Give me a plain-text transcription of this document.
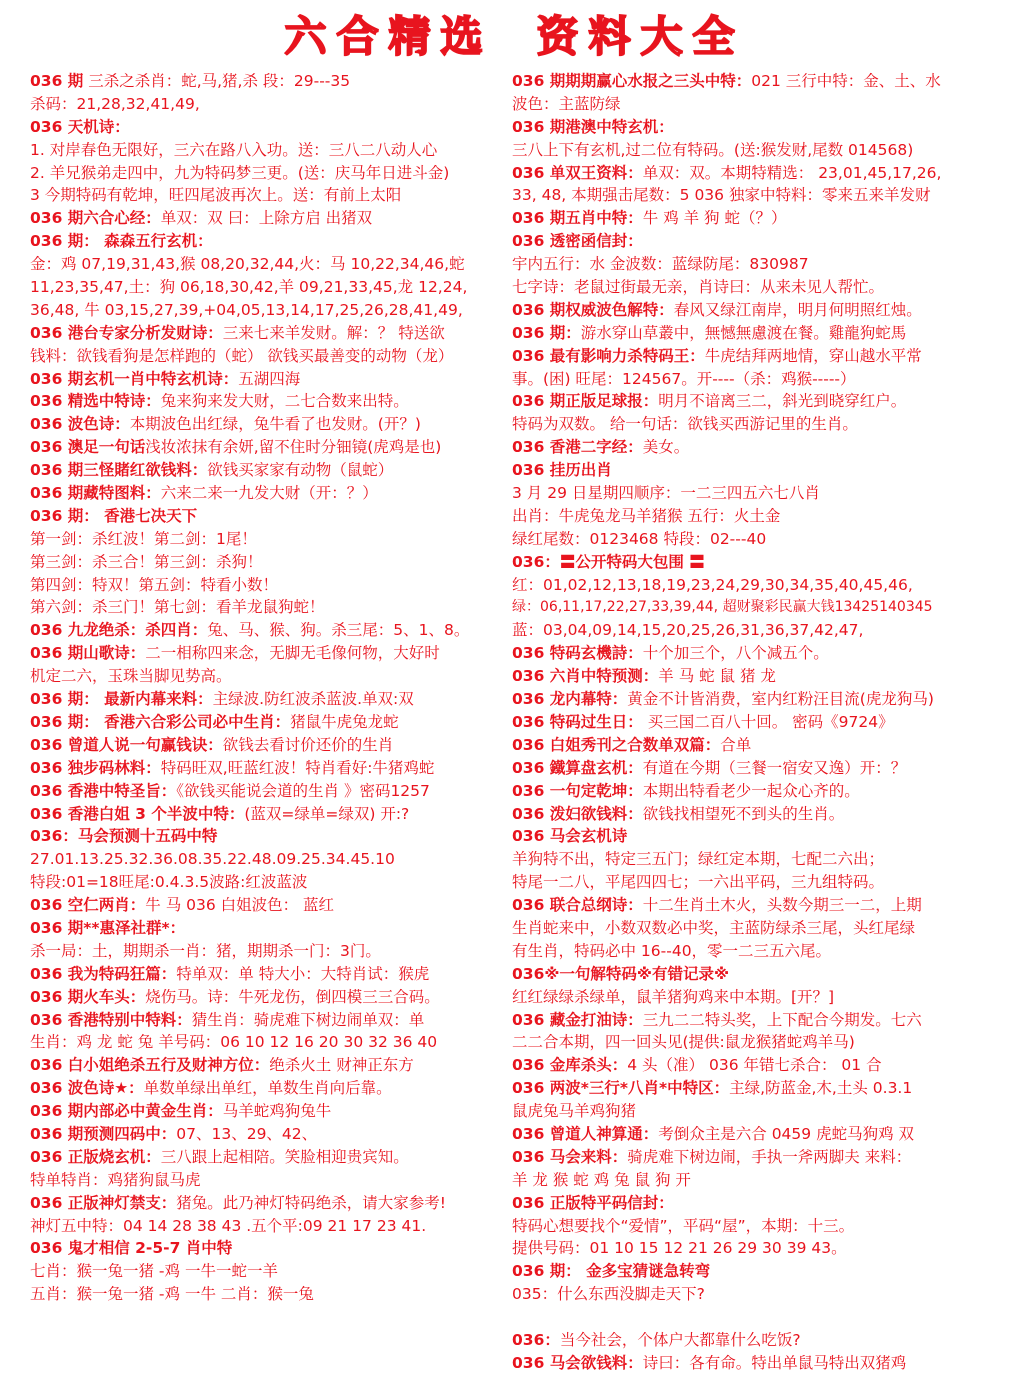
六 合 精 选 资 料 大 全
036 期 三杀之杀肖：蛇,马,猪,杀 段：29---35
杀码：21,28,32,41,49,
036 天机诗：
1. 对岸春色无限好，三六在路八入功。送：三八二八动人心
2. 羊兄猴弟走四中，九为特码梦三更。(送：庆马年日进斗金)
3 今期特码有乾坤，旺四尾波再次上。送：有前上太阳
036 期六合心经：单双：双 曰：上除方启 出猪双
036 期： 森森五行玄机：
金：鸡 07,19,31,43,猴 08,20,32,44,火：马 10,22,34,46,蛇
11,23,35,47,土：狗 06,18,30,42,羊 09,21,33,45,龙 12,24,
36,48, 牛 03,15,27,39,+04,05,13,14,17,25,26,28,41,49,
036 港台专家分析发财诗：三来七来羊发财。解：？ 特送欲
钱料：欲钱看狗是怎样跑的（蛇） 欲钱买最善变的动物（龙）
036 期玄机一肖中特玄机诗：五湖四海
036 精选中特诗：兔来狗来发大财，二七合数来出特。
036 波色诗：本期波色出红绿，兔牛看了也发财。(开？)
036 澳足一句话浅妆浓抹有余妍,留不住时分钿镜(虎鸡是也)
036 期三怪賭红欲钱料：欲钱买家家有动物（鼠蛇）
036 期藏特图料：六来二来一九发大财（开：？）
036 期： 香港七决天下
第一剑：杀红波！第二剑：1尾！
第三剑：杀三合！第三剑：杀狗！
第四剑：特双！第五剑：特看小数！
第六剑：杀三门！第七剑：看羊龙鼠狗蛇！
036 九龙绝杀：杀四肖：兔、马、猴、狗。杀三尾：5、1、8。
036 期山歌诗：二一相称四来念，无脚无毛像何物，大好时
机定二六，玉珠当脚见势高。
036 期： 最新内幕来料：主绿波.防红波杀蓝波.单双:双
036 期： 香港六合彩公司必中生肖：猪鼠牛虎兔龙蛇
036 曾道人说一句赢钱诀：欲钱去看讨价还价的生肖
036 独步码林料：特码旺双,旺蓝红波！特肖看好:牛猪鸡蛇
036 香港中特圣旨：《欲钱买能说会道的生肖 》密码1257
036 香港白姐 3 个半波中特：(蓝双=绿单=绿双) 开:?
036：马会预测十五码中特
27.01.13.25.32.36.08.35.22.48.09.25.34.45.10
特段:01=18旺尾:0.4.3.5波路:红波蓝波
036 空仁两肖：牛 马 036 白姐波色： 蓝红
036 期**惠泽社群*：
杀一局：土，期期杀一肖：猪，期期杀一门：3门。
036 我为特码狂篇：特单双：单 特大小：大特肖试：猴虎
036 期火车头：烧伤马。诗：牛死龙伤，倒四模三三合码。
036 香港特别中特料：猜生肖：骑虎难下树边闹单双：单
生肖：鸡 龙 蛇 兔 羊号码：06 10 12 16 20 30 32 36 40
036 白小姐绝杀五行及财神方位：绝杀火土 财神正东方
036 波色诗★：单数单绿出单红，单数生肖向后靠。
036 期内部必中黄金生肖：马羊蛇鸡狗兔牛
036 期预测四码中：07、13、29、42、
036 正版烧玄机：三八跟上起相陪。笑脸相迎贵宾知。
特单特肖：鸡猪狗鼠马虎
036 正版神灯禁支：猪兔。此乃神灯特码绝杀，请大家参考!
神灯五中特：04 14 28 38 43 .五个平:09 21 17 23 41.
036 鬼才相信 2-5-7 肖中特
七肖：猴一兔一猪 -鸡 一牛一蛇一羊
五肖：猴一兔一猪 -鸡 一牛 二肖：猴一兔
036 期期期赢心水报之三头中特：021 三行中特：金、土、水
波色：主蓝防绿
036 期港澳中特玄机：
三八上下有玄机,过二位有特码。(送:猴发财,尾数 014568)
036 单双王资料：单双：双。本期特精选： 23,01,45,17,26,
33, 48, 本期强击尾数：5 036 独家中特料：零来五来羊发财
036 期五肖中特：牛 鸡 羊 狗 蛇（？）
036 透密函信封：
宇内五行：水 金波数：蓝绿防尾：830987
七字诗：老鼠过街最无亲，肖诗曰：从来未见人帮忙。
036 期权威波色解特：春风又绿江南岸，明月何明照红烛。
036 期：游水穿山草叢中，無憾無慮渡在餐。雞龍狗蛇馬
036 最有影响力杀特码王：牛虎结拜两地情，穿山越水平常
事。(困) 旺尾：124567。开----（杀：鸡猴-----）
036 期正版足球报：明月不谙离三二，斜光到晓穿红户。
特码为双数。 给一句话：欲钱买西游记里的生肖。
036 香港二字经：美女。
036 挂历出肖
3 月 29 日星期四顺序：一二三四五六七八肖
出肖：牛虎兔龙马羊猪猴 五行：火土金
绿红尾数：0123468 特段：02---40
036：〓公开特码大包围 〓
红：01,02,12,13,18,19,23,24,29,30,34,35,40,45,46,
绿：06,11,17,22,27,33,39,44, 超财聚彩民赢大钱13425140345
蓝：03,04,09,14,15,20,25,26,31,36,37,42,47,
036 特码玄機詩：十个加三个，八个减五个。
036 六肖中特预测：羊 马 蛇 鼠 猪 龙
036 龙内幕特：黄金不计皆消费，室内红粉汪目流(虎龙狗马)
036 特码过生日： 买三国二百八十回。 密码《9724》
036 白姐秀刊之合数单双篇：合单
036 鐵算盘玄机：有道在今期（三餐一宿安又逸）开：？
036 一句定乾坤：本期出特看老少一起众心齐的。
036 泼妇欲钱料：欲钱找相望死不到头的生肖。
036 马会玄机诗
羊狗特不出，特定三五门；绿红定本期，七配二六出；
特尾一二八，平尾四四七；一六出平码，三九组特码。
036 联合总纲诗：十二生肖土木火，头数今期三一二，上期
生肖蛇来中，小数双数必中奖，主蓝防绿杀三尾，头红尾绿
有生肖，特码必中 16--40，零一二三五六尾。
036※一句解特码※有错记录※
红红绿绿杀绿单，鼠羊猪狗鸡来中本期。[开？]
036 藏金打油诗：三九二二特头奖，上下配合今期发。七六
二二合本期，四一回头见(提供:鼠龙猴猪蛇鸡羊马)
036 金库杀头：4 头（准） 036 年错七杀合： 01 合
036 两波*三行*八肖*中特区：主绿,防蓝金,木,土头 0.3.1
鼠虎兔马羊鸡狗猪
036 曾道人神算通：考倒众主是六合 0459 虎蛇马狗鸡 双
036 马会来料：骑虎难下树边闹，手执一斧两脚夫 来料：
羊 龙 猴 蛇 鸡 兔 鼠 狗 开
036 正版特平码信封：
特码心想要找个“爱情”，平码“屋”，本期：十三。
提供号码：01 10 15 12 21 26 29 30 39 43。
036 期： 金多宝猜谜急转弯
035：什么东西没脚走天下?
036：当今社会，个体户大都靠什么吃饭?
036 马会欲钱料：诗曰：各有命。特出单鼠马特出双猪鸡
